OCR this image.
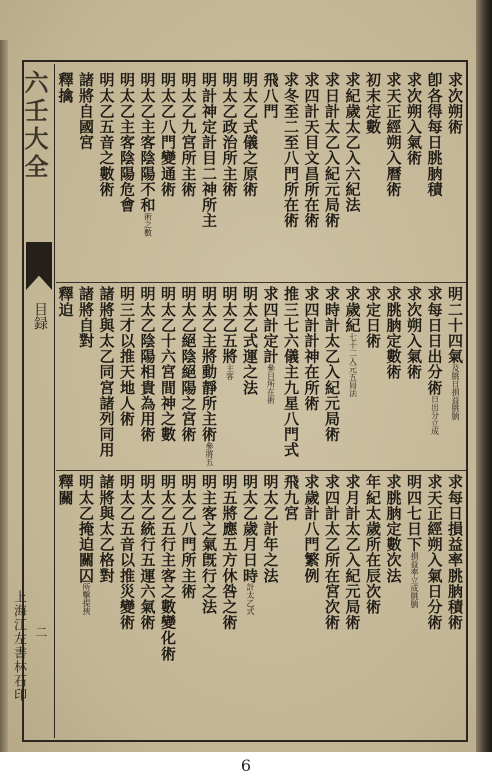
六壬大全
目録
二
上海江左書林石印
求次朔術
卽各得每日朓朒積
求次朔入氣術
求天正經朔入曆術
初末定數
求紀歲太乙入六紀法
求日計太乙入紀元局術
求四計天目文昌所在術
求冬至二至八門所在術
飛八門
明太乙式儀之原術
明太乙政治所主術
明計神定計目二神所主
明太乙九宮所主術
明太乙八門變通術
明太乙主客陰陽不和術之數
明太乙主客陰陽危會
明太乙五音之數術
諸將自國宮
釋擒
明二十四氣及朓日損益朓朒
求每日日出分術日出分立成
求次朔入氣術
求朓朒定數術
求定日術
求歲紀七十二入元五局法
求時計太乙入紀元局術
求四計計神在所術
推三七六儀主九星八門式
求四計定計參目所在術
明太乙式運之法
明太乙五將主客
明太乙主將動靜所主術參將五
明太乙絕陰絕陽之宮術
明太乙十六宮間神之數
明太乙陰陽相貴為用術
明三才以推天地人術
諸將與太乙同宮諸列同用
諸將自對
釋迫
求每日損益率朓朒積術
求天正經朔入氣日分術
明四七日下損益率立成朓朒
求朓朒定數次法
年紀太歲所在辰次術
求月計太乙入紀元局術
求四計太乙所在宮次術
求歲計八門繁例
飛九宮
明太乙計年之法
明太乙歲月日時計太乙式
明五將應五方休咎之術
明主客之氣旣行之法
明太乙八門所主術
明太乙五行主客之數變化術
明太乙統行五運六氣術
明太乙五音以推災變術
諸將與太乙格對
明太乙掩迫關囚所擊提挾
釋關
6
